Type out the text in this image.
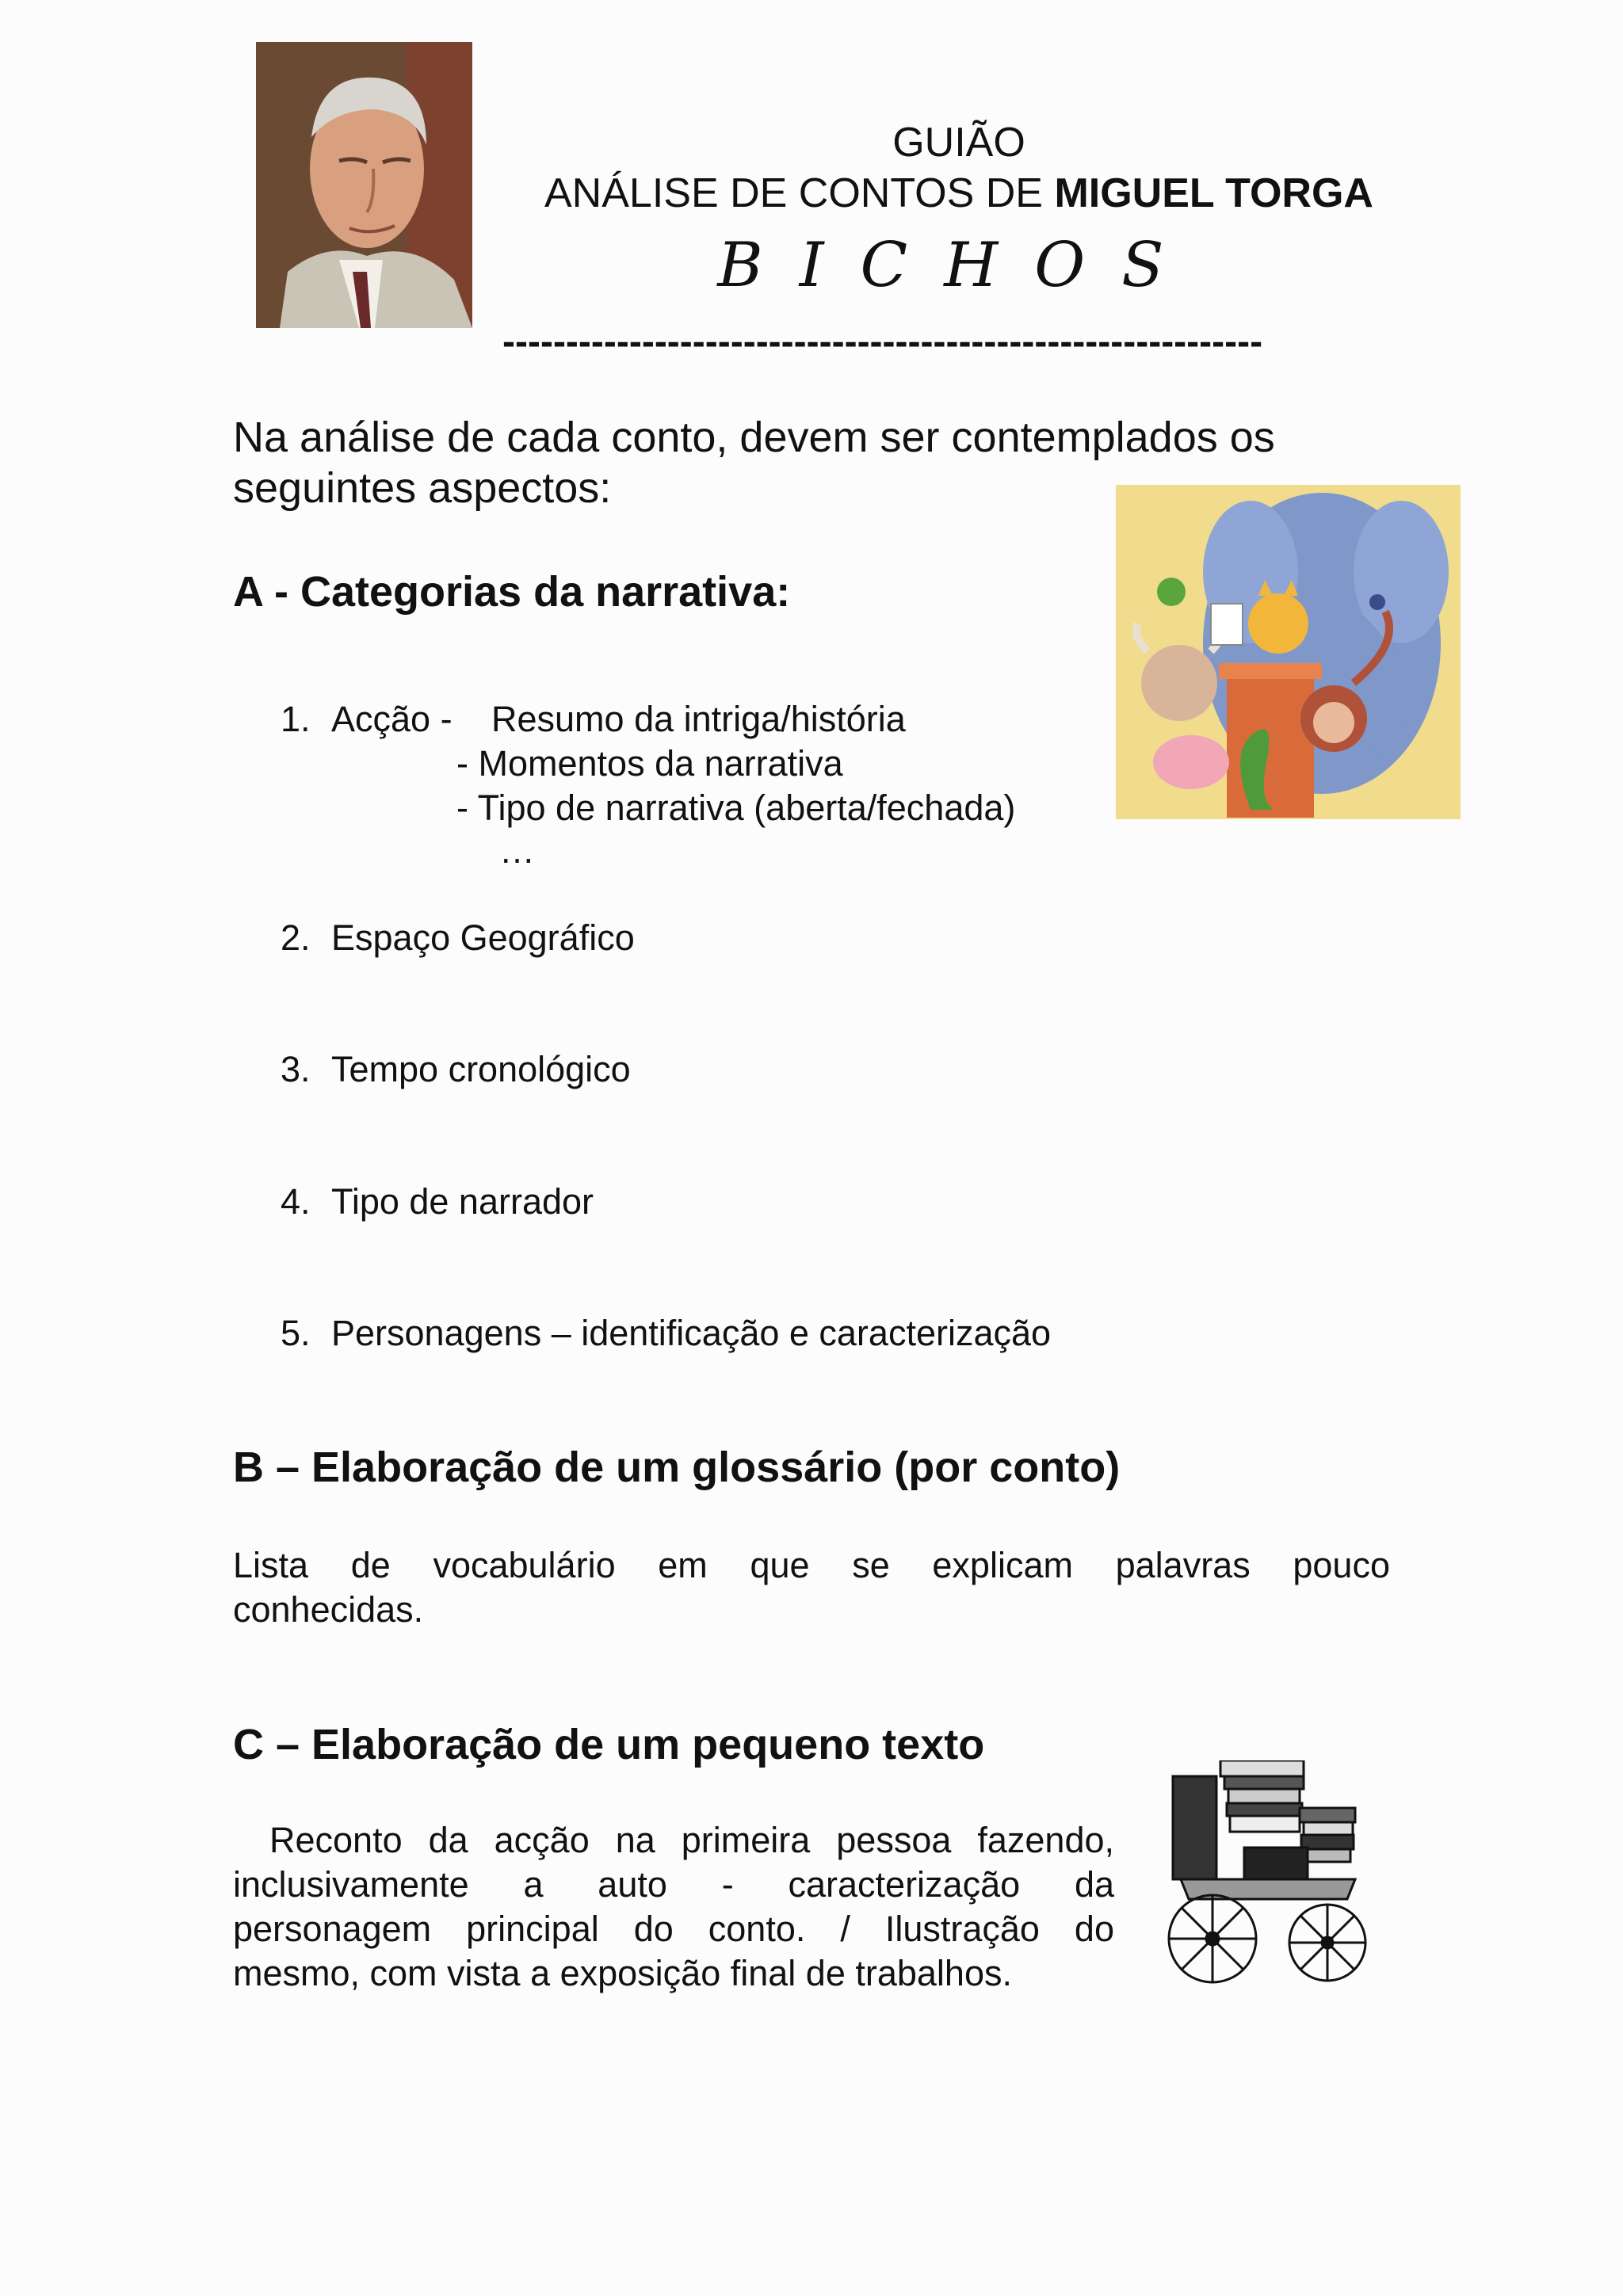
GUIÃO
ANÁLISE DE CONTOS DE MIGUEL TORGA
BICHOS
------------------------------------------------------------
Na análise de cada conto, devem ser contemplados os
seguintes aspectos:
A - Categorias da narrativa:
1. Acção - Resumo da intriga/história
- Momentos da narrativa
- Tipo de narrativa (aberta/fechada)
…
2. Espaço Geográfico
3. Tempo cronológico
4. Tipo de narrador
5. Personagens – identificação e caracterização
B – Elaboração de um glossário (por conto)
Lista de vocabulário em que se explicam palavras pouco
conhecidas.
C – Elaboração de um pequeno texto
Reconto da acção na primeira pessoa fazendo,
inclusivamente a auto - caracterização da
personagem principal do conto. / Ilustração do
mesmo, com vista a exposição final de trabalhos.
